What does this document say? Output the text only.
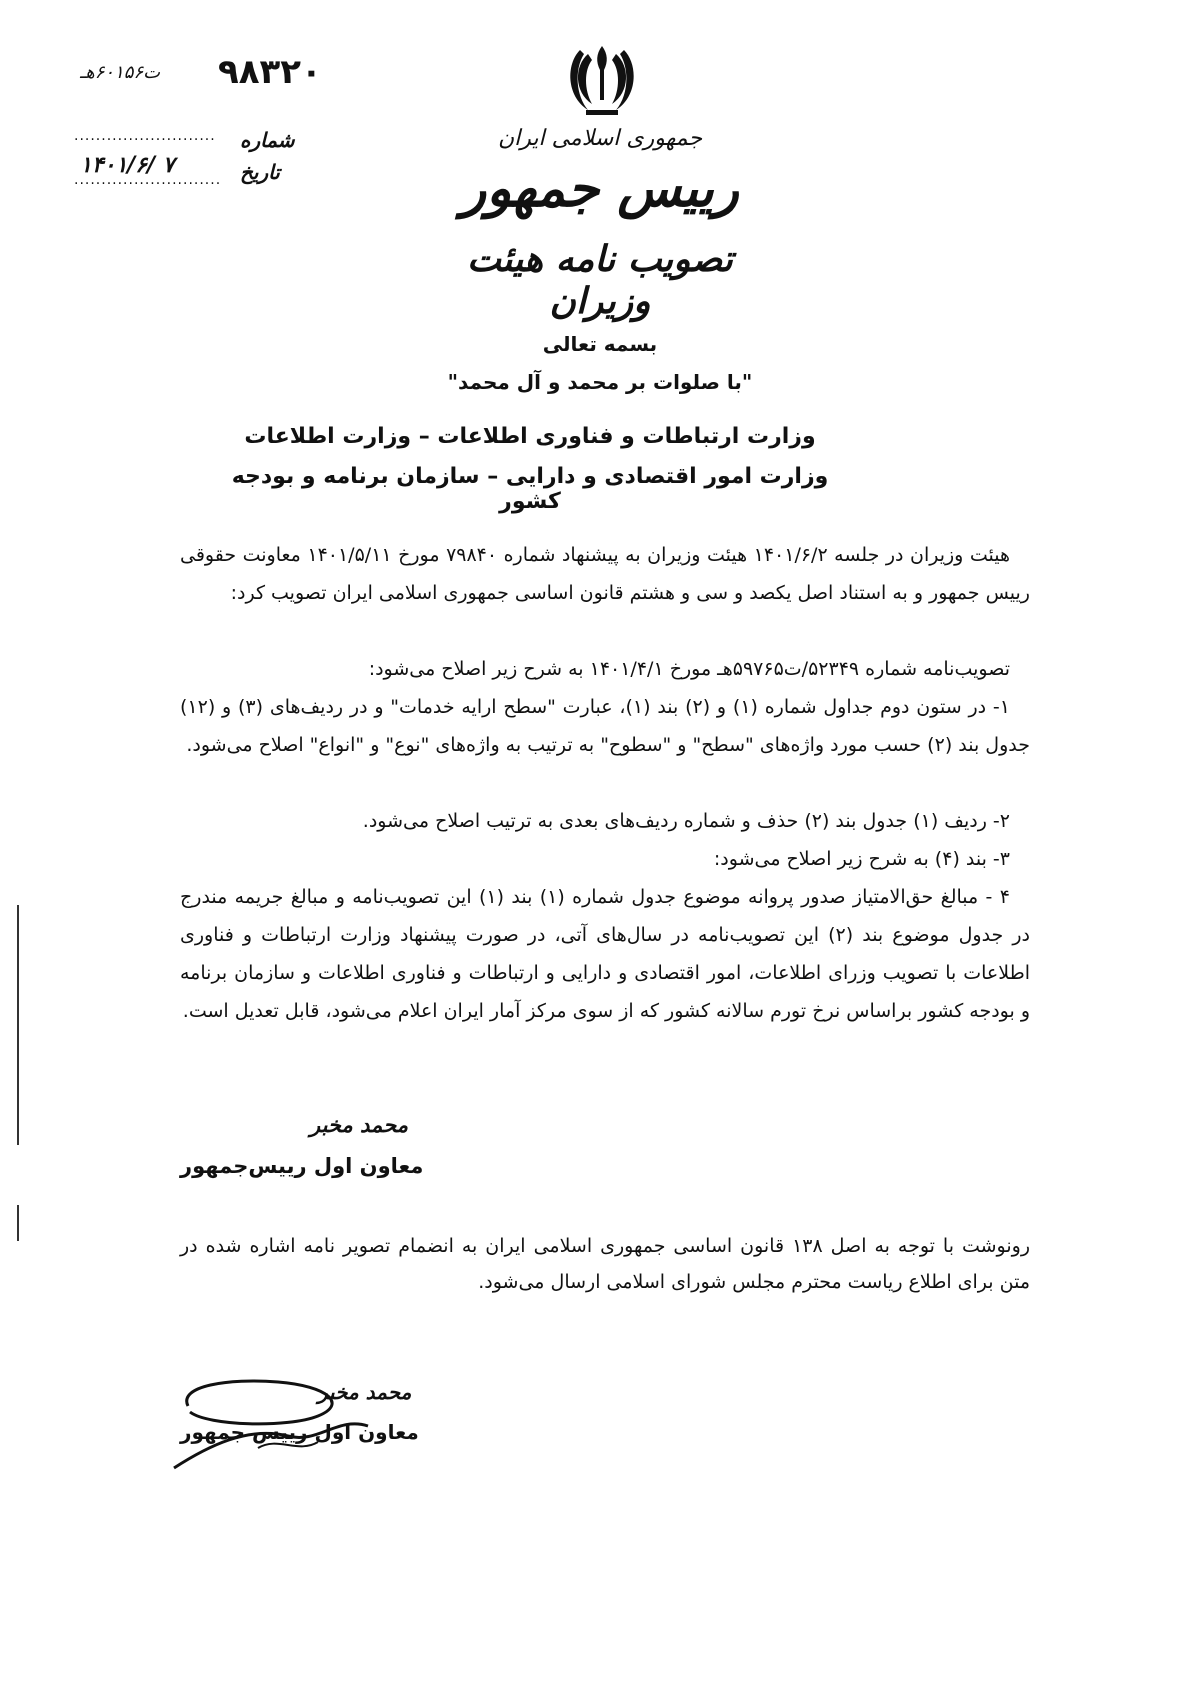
جمهوری اسلامی ایران
رییس جمهور
تصویب نامه هیئت وزیران
بسمه تعالی
"با صلوات بر محمد و آل محمد"
ت۶۰۱۵۶هـ ۹۸۳۲۰
.......................... شماره
۱۴۰۱/۶/ ۷
........................... تاریخ
وزارت ارتباطات و فناوری اطلاعات – وزارت اطلاعات
وزارت امور اقتصادی و دارایی – سازمان برنامه و بودجه کشور
هیئت وزیران در جلسه ۱۴۰۱/۶/۲ هیئت وزیران به پیشنهاد شماره ۷۹۸۴۰ مورخ ۱۴۰۱/۵/۱۱ معاونت حقوقی رییس جمهور و به استناد اصل یکصد و سی و هشتم قانون اساسی جمهوری اسلامی ایران تصویب کرد:
تصویب‌نامه شماره ۵۲۳۴۹/ت۵۹۷۶۵هـ مورخ ۱۴۰۱/۴/۱ به شرح زیر اصلاح می‌شود:
۱- در ستون دوم جداول شماره (۱) و (۲) بند (۱)، عبارت "سطح ارایه خدمات" و در ردیف‌های (۳) و (۱۲) جدول بند (۲) حسب مورد واژه‌های "سطح" و "سطوح" به ترتیب به واژه‌های "نوع" و "انواع" اصلاح می‌شود.
۲- ردیف (۱) جدول بند (۲) حذف و شماره ردیف‌های بعدی به ترتیب اصلاح می‌شود.
۳- بند (۴) به شرح زیر اصلاح می‌شود:
۴ - مبالغ حق‌الامتیاز صدور پروانه موضوع جدول شماره (۱) بند (۱) این تصویب‌نامه و مبالغ جریمه مندرج در جدول موضوع بند (۲) این تصویب‌نامه در سال‌های آتی، در صورت پیشنهاد وزارت ارتباطات و فناوری اطلاعات با تصویب وزرای اطلاعات، امور اقتصادی و دارایی و ارتباطات و فناوری اطلاعات و سازمان برنامه و بودجه کشور براساس نرخ تورم سالانه کشور که از سوی مرکز آمار ایران اعلام می‌شود، قابل تعدیل است.
محمد مخبر
معاون اول رییس‌جمهور
رونوشت با توجه به اصل ۱۳۸ قانون اساسی جمهوری اسلامی ایران به انضمام تصویر نامه اشاره شده در متن برای اطلاع ریاست محترم مجلس شورای اسلامی ارسال می‌شود.
محمد مخبر
معاون اول رییس جمهور
